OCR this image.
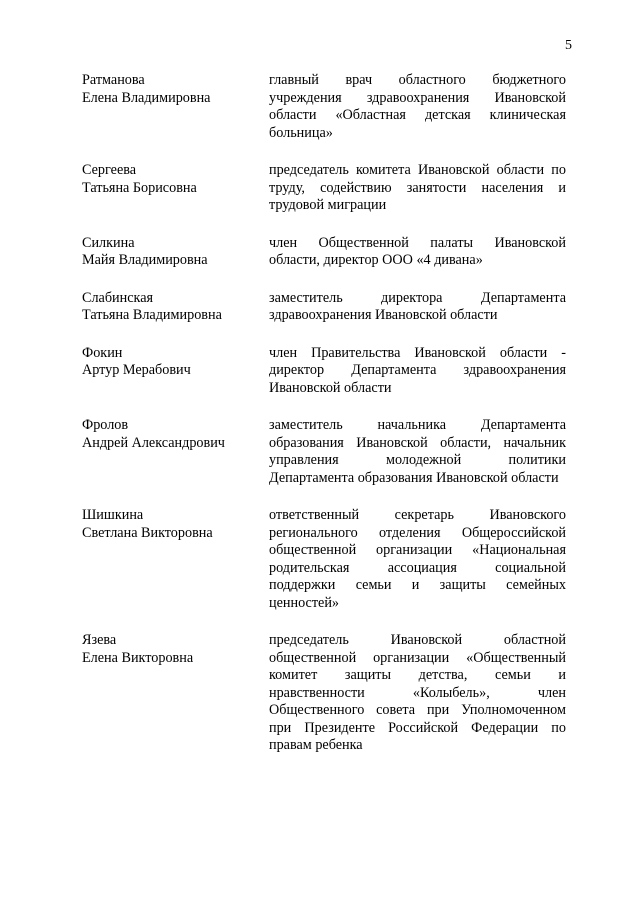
5
Ратманова
Елена Владимировна
главный врач областного бюджетного учреждения здравоохранения Ивановской области «Областная детская клиническая больница»
Сергеева
Татьяна Борисовна
председатель комитета Ивановской области по труду, содействию занятости населения и трудовой миграции
Силкина
Майя Владимировна
член Общественной палаты Ивановской области, директор ООО «4 дивана»
Слабинская
Татьяна Владимировна
заместитель директора Департамента здравоохранения Ивановской области
Фокин
Артур Мерабович
член Правительства Ивановской области - директор Департамента здравоохранения Ивановской области
Фролов
Андрей Александрович
заместитель начальника Департамента образования Ивановской области, начальник управления молодежной политики Департамента образования Ивановской области
Шишкина
Светлана Викторовна
ответственный секретарь Ивановского регионального отделения Общероссийской общественной организации «Национальная родительская ассоциация социальной поддержки семьи и защиты семейных ценностей»
Язева
Елена Викторовна
председатель Ивановской областной общественной организации «Общественный комитет защиты детства, семьи и нравственности «Колыбель», член Общественного совета при Уполномоченном при Президенте Российской Федерации по правам ребенка
